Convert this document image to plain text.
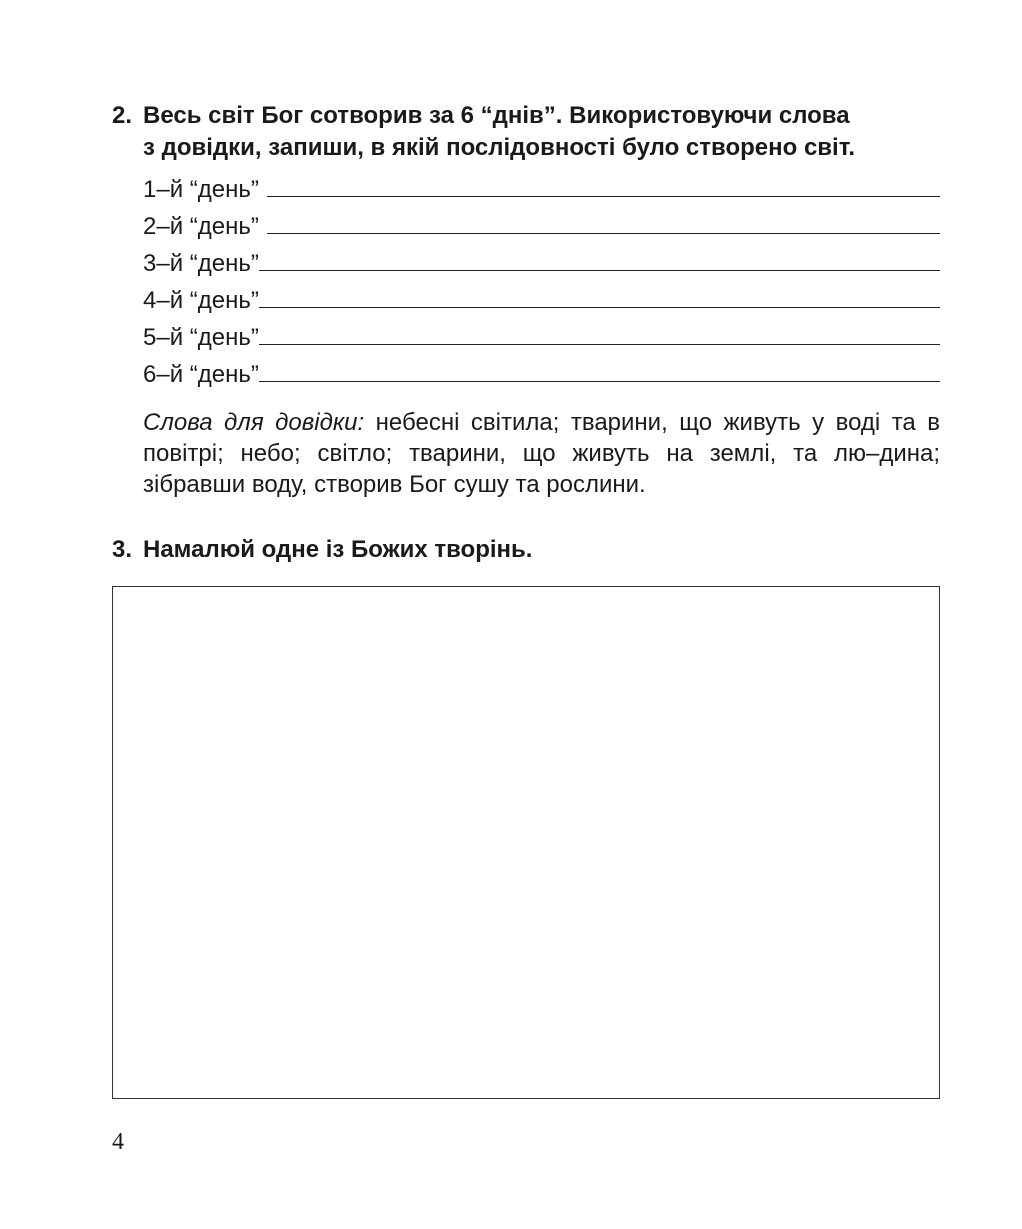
2. Весь світ Бог сотворив за 6 “днів”. Використовуючи слова
з довідки, запиши, в якій послідовності було створено світ.
1–й “день”
2–й “день”
3–й “день”
4–й “день”
5–й “день”
6–й “день”

Слова для довідки: небесні світила; тварини, що живуть у воді та в повітрі; небо; світло; тварини, що живуть на землі, та лю–дина; зібравши воду, створив Бог сушу та рослини.

3. Намалюй одне із Божих творінь.
4
